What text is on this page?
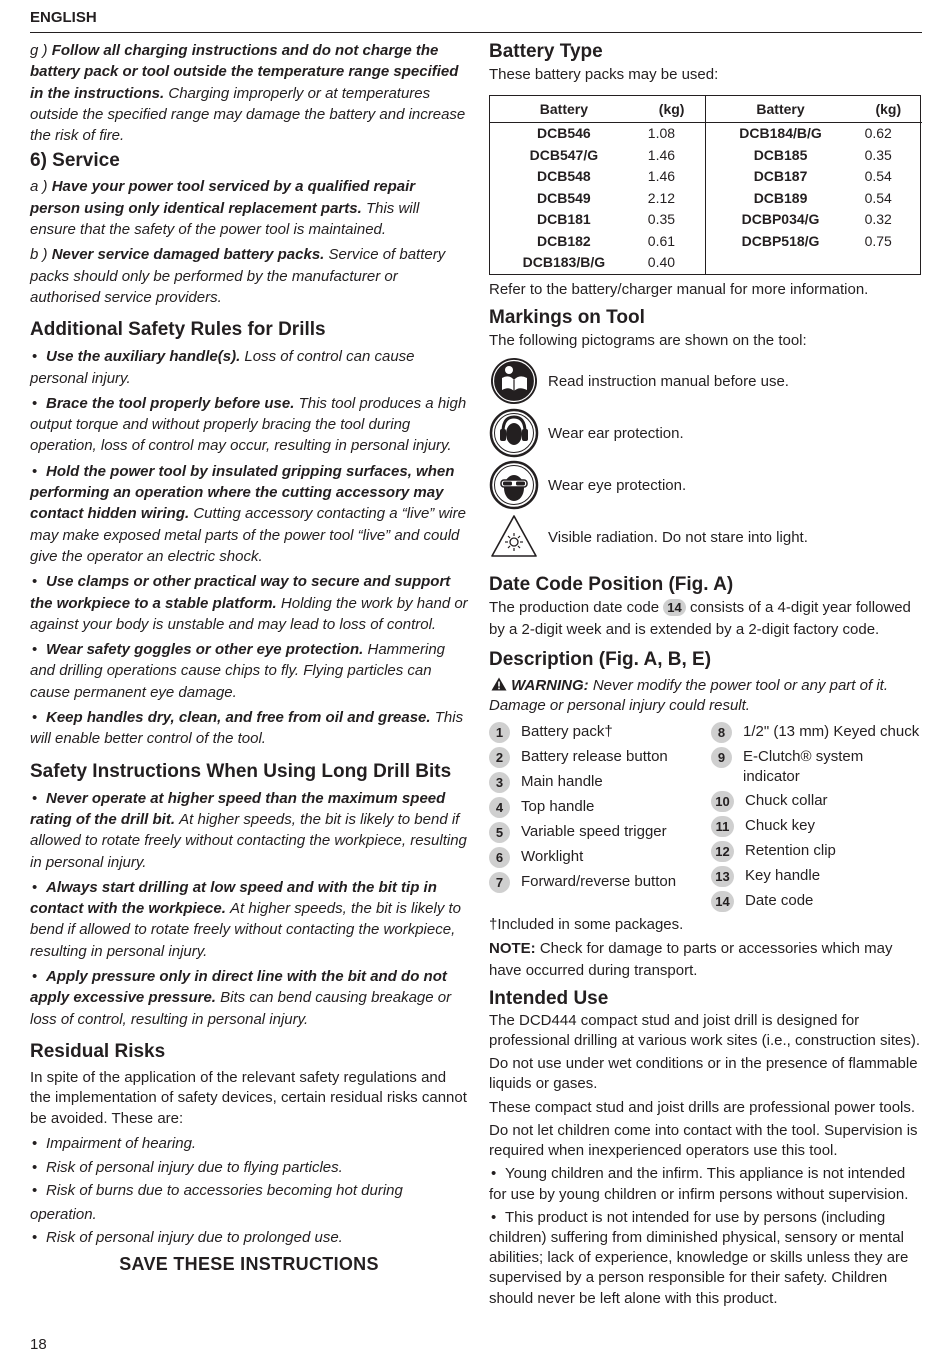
ENGLISH

g ) Follow all charging instructions and do not charge the battery pack or tool outside the temperature range specified in the instructions. Charging improperly or at temperatures outside the specified range may damage the battery and increase the risk of fire.

6) Service

a ) Have your power tool serviced by a qualified repair person using only identical replacement parts. This will ensure that the safety of the power tool is maintained.

b ) Never service damaged battery packs. Service of battery packs should only be performed by the manufacturer or authorised service providers.

Additional Safety Rules for Drills

• Use the auxiliary handle(s). Loss of control can cause personal injury.

• Brace the tool properly before use. This tool produces a high output torque and without properly bracing the tool during operation, loss of control may occur, resulting in personal injury.

• Hold the power tool by insulated gripping surfaces, when performing an operation where the cutting accessory may contact hidden wiring. Cutting accessory contacting a “live” wire may make exposed metal parts of the power tool “live” and could give the operator an electric shock.

• Use clamps or other practical way to secure and support the workpiece to a stable platform. Holding the work by hand or against your body is unstable and may lead to loss of control.

• Wear safety goggles or other eye protection. Hammering and drilling operations cause chips to fly. Flying particles can cause permanent eye damage.

• Keep handles dry, clean, and free from oil and grease. This will enable better control of the tool.

Safety Instructions When Using Long Drill Bits

• Never operate at higher speed than the maximum speed rating of the drill bit. At higher speeds, the bit is likely to bend if allowed to rotate freely without contacting the workpiece, resulting in personal injury.

• Always start drilling at low speed and with the bit tip in contact with the workpiece. At higher speeds, the bit is likely to bend if allowed to rotate freely without contacting the workpiece, resulting in personal injury.

• Apply pressure only in direct line with the bit and do not apply excessive pressure. Bits can bend causing breakage or loss of control, resulting in personal injury.

Residual Risks

In spite of the application of the relevant safety regulations and the implementation of safety devices, certain residual risks cannot be avoided. These are:

• Impairment of hearing.
• Risk of personal injury due to flying particles.
• Risk of burns due to accessories becoming hot during operation.
• Risk of personal injury due to prolonged use.
SAVE THESE INSTRUCTIONS
Battery Type

These battery packs may be used:

Battery	(kg)	Battery	(kg)
DCB546	1.08	DCB184/B/G	0.62
DCB547/G	1.46	DCB185	0.35
DCB548	1.46	DCB187	0.54
DCB549	2.12	DCB189	0.54
DCB181	0.35	DCBP034/G	0.32
DCB182	0.61	DCBP518/G	0.75
DCB183/B/G	0.40		

Refer to the battery/charger manual for more information.

Markings on Tool

The following pictograms are shown on the tool:

Read instruction manual before use.
Wear ear protection.
Wear eye protection.
Visible radiation. Do not stare into light.
Date Code Position (Fig. A)

The production date code 14 consists of a 4-digit year followed by a 2-digit week and is extended by a 2-digit factory code.

Description (Fig. A, B, E)

WARNING: Never modify the power tool or any part of it. Damage or personal injury could result.

1	Battery pack†
2	Battery release button
3	Main handle
4	Top handle
5	Variable speed trigger
6	Worklight
7	Forward/reverse button
8	1/2" (13 mm) Keyed chuck
9	E-Clutch® system indicator
10 Chuck collar
11	Chuck key
12 Retention clip
13 Key handle
14 Date code

†Included in some packages.

NOTE: Check for damage to parts or accessories which may have occurred during transport.

Intended Use

The DCD444 compact stud and joist drill is designed for professional drilling at various work sites (i.e., construction sites).

Do not use under wet conditions or in the presence of flammable liquids or gases.

These compact stud and joist drills are professional power tools.

Do not let children come into contact with the tool. Supervision is required when inexperienced operators use this tool.

• Young children and the infirm. This appliance is not intended for use by young children or infirm persons without supervision.

• This product is not intended for use by persons (including children) suffering from diminished physical, sensory or mental abilities; lack of experience, knowledge or skills unless they are supervised by a person responsible for their safety. Children should never be left alone with this product.

18
